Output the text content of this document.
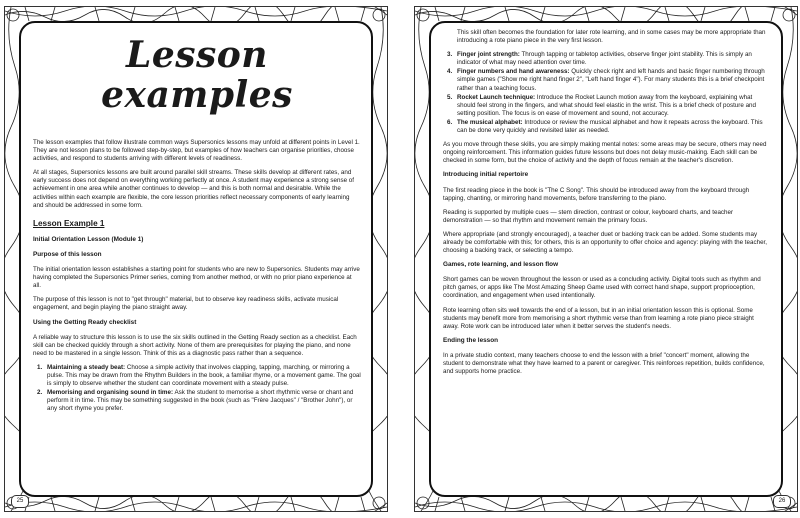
Lesson examples

The lesson examples that follow illustrate common ways Supersonics lessons may unfold at different points in Level 1. They are not lesson plans to be followed step-by-step, but examples of how teachers can organise priorities, choose activities, and respond to students arriving with different levels of readiness.

At all stages, Supersonics lessons are built around parallel skill streams. These skills develop at different rates, and early success does not depend on everything working perfectly at once. A student may experience a strong sense of achievement in one area while another continues to develop — and this is both normal and desirable. While the activities within each example are flexible, the core lesson priorities reflect necessary components of early learning and should be addressed in some form.

Lesson Example 1
Initial Orientation Lesson (Module 1)
Purpose of this lesson

The initial orientation lesson establishes a starting point for students who are new to Supersonics. Students may arrive having completed the Supersonics Primer series, coming from another method, or with no prior piano experience at all.

The purpose of this lesson is not to "get through" material, but to observe key readiness skills, activate musical engagement, and begin playing the piano straight away.

Using the Getting Ready checklist

A reliable way to structure this lesson is to use the six skills outlined in the Getting Ready section as a checklist. Each skill can be checked quickly through a short activity. None of them are prerequisites for playing the piano, and none need to be mastered in a single lesson. Think of this as a diagnostic pass rather than a sequence.

1. Maintaining a steady beat: Choose a simple activity that involves clapping, tapping, marching, or mirroring a pulse. This may be drawn from the Rhythm Builders in the book, a familiar rhyme, or a movement game. The goal is simply to observe whether the student can coordinate movement with a steady pulse.
2. Memorising and organising sound in time: Ask the student to memorise a short rhythmic verse or chant and perform it in time. This may be something suggested in the book (such as "Frère Jacques" / "Brother John"), or any short rhyme you prefer.
25

This skill often becomes the foundation for later rote learning, and in some cases may be more appropriate than introducing a rote piano piece in the very first lesson.

3. Finger joint strength: Through tapping or tabletop activities, observe finger joint stability. This is simply an indicator of what may need attention over time.
4. Finger numbers and hand awareness: Quickly check right and left hands and basic finger numbering through simple games ("Show me right hand finger 2", "Left hand finger 4"). For many students this is a brief checkpoint rather than a teaching focus.
5. Rocket Launch technique: Introduce the Rocket Launch motion away from the keyboard, explaining what should feel strong in the fingers, and what should feel elastic in the wrist. This is a brief check of posture and setting position. The focus is on ease of movement and sound, not accuracy.
6. The musical alphabet: Introduce or review the musical alphabet and how it repeats across the keyboard. This can be done very quickly and revisited later as needed.

As you move through these skills, you are simply making mental notes: some areas may be secure, others may need ongoing reinforcement. This information guides future lessons but does not delay music-making. Each skill can be checked in some form, but the choice of activity and the depth of focus remain at the teacher's discretion.

Introducing initial repertoire

The first reading piece in the book is "The C Song". This should be introduced away from the keyboard through tapping, chanting, or mirroring hand movements, before transferring to the piano.

Reading is supported by multiple cues — stem direction, contrast or colour, keyboard charts, and teacher demonstration — so that rhythm and movement remain the primary focus.

Where appropriate (and strongly encouraged), a teacher duet or backing track can be added. Some students may already be comfortable with this; for others, this is an opportunity to offer choice and agency: playing with the teacher, choosing a backing track, or selecting a tempo.

Games, rote learning, and lesson flow

Short games can be woven throughout the lesson or used as a concluding activity. Digital tools such as rhythm and pitch games, or apps like The Most Amazing Sheep Game used with correct hand shape, support proprioception, coordination, and engagement when used intentionally.

Rote learning often sits well towards the end of a lesson, but in an initial orientation lesson this is optional. Some students may benefit more from memorising a short rhythmic verse than from learning a rote piano piece straight away. Rote work can be introduced later when it better serves the student's needs.

Ending the lesson

In a private studio context, many teachers choose to end the lesson with a brief "concert" moment, allowing the student to demonstrate what they have learned to a parent or caregiver. This reinforces repetition, builds confidence, and supports home practice.

26
